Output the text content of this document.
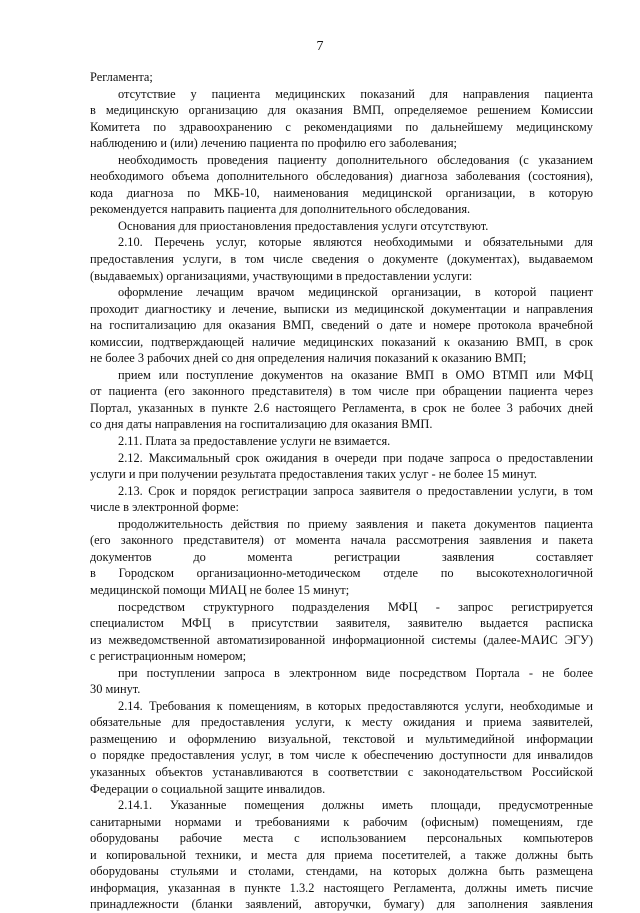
7
Регламента;
отсутствие у пациента медицинских показаний для направления пациента
в медицинскую организацию для оказания ВМП, определяемое решением Комиссии
Комитета по здравоохранению с рекомендациями по дальнейшему медицинскому
наблюдению и (или) лечению пациента по профилю его заболевания;
необходимость проведения пациенту дополнительного обследования (с указанием
необходимого объема дополнительного обследования) диагноза заболевания (состояния),
кода диагноза по МКБ-10, наименования медицинской организации, в которую
рекомендуется направить пациента для дополнительного обследования.
Основания для приостановления предоставления услуги отсутствуют.
2.10. Перечень услуг, которые являются необходимыми и обязательными для
предоставления услуги, в том числе сведения о документе (документах), выдаваемом
(выдаваемых) организациями, участвующими в предоставлении услуги:
оформление лечащим врачом медицинской организации, в которой пациент
проходит диагностику и лечение, выписки из медицинской документации и направления
на госпитализацию для оказания ВМП, сведений о дате и номере протокола врачебной
комиссии, подтверждающей наличие медицинских показаний к оказанию ВМП, в срок
не более 3 рабочих дней со дня определения наличия показаний к оказанию ВМП;
прием или поступление документов на оказание ВМП в ОМО ВТМП или МФЦ
от пациента (его законного представителя) в том числе при обращении пациента через
Портал, указанных в пункте 2.6 настоящего Регламента, в срок не более 3 рабочих дней
со дня даты направления на госпитализацию для оказания ВМП.
2.11. Плата за предоставление услуги не взимается.
2.12. Максимальный срок ожидания в очереди при подаче запроса о предоставлении
услуги и при получении результата предоставления таких услуг - не более 15 минут.
2.13. Срок и порядок регистрации запроса заявителя о предоставлении услуги, в том
числе в электронной форме:
продолжительность действия по приему заявления и пакета документов пациента
(его законного представителя) от момента начала рассмотрения заявления и пакета
документов до момента регистрации заявления составляет
в Городском организационно-методическом отделе по высокотехнологичной
медицинской помощи МИАЦ не более 15 минут;
посредством структурного подразделения МФЦ - запрос регистрируется
специалистом МФЦ в присутствии заявителя, заявителю выдается расписка
из межведомственной автоматизированной информационной системы (далее-МАИС ЭГУ)
с регистрационным номером;
при поступлении запроса в электронном виде посредством Портала - не более
30 минут.
2.14. Требования к помещениям, в которых предоставляются услуги, необходимые и
обязательные для предоставления услуги, к месту ожидания и приема заявителей,
размещению и оформлению визуальной, текстовой и мультимедийной информации
о порядке предоставления услуг, в том числе к обеспечению доступности для инвалидов
указанных объектов устанавливаются в соответствии с законодательством Российской
Федерации о социальной защите инвалидов.
2.14.1. Указанные помещения должны иметь площади, предусмотренные
санитарными нормами и требованиями к рабочим (офисным) помещениям, где
оборудованы рабочие места с использованием персональных компьютеров
и копировальной техники, и места для приема посетителей, а также должны быть
оборудованы стульями и столами, стендами, на которых должна быть размещена
информация, указанная в пункте 1.3.2 настоящего Регламента, должны иметь писчие
принадлежности (бланки заявлений, авторучки, бумагу) для заполнения заявления
